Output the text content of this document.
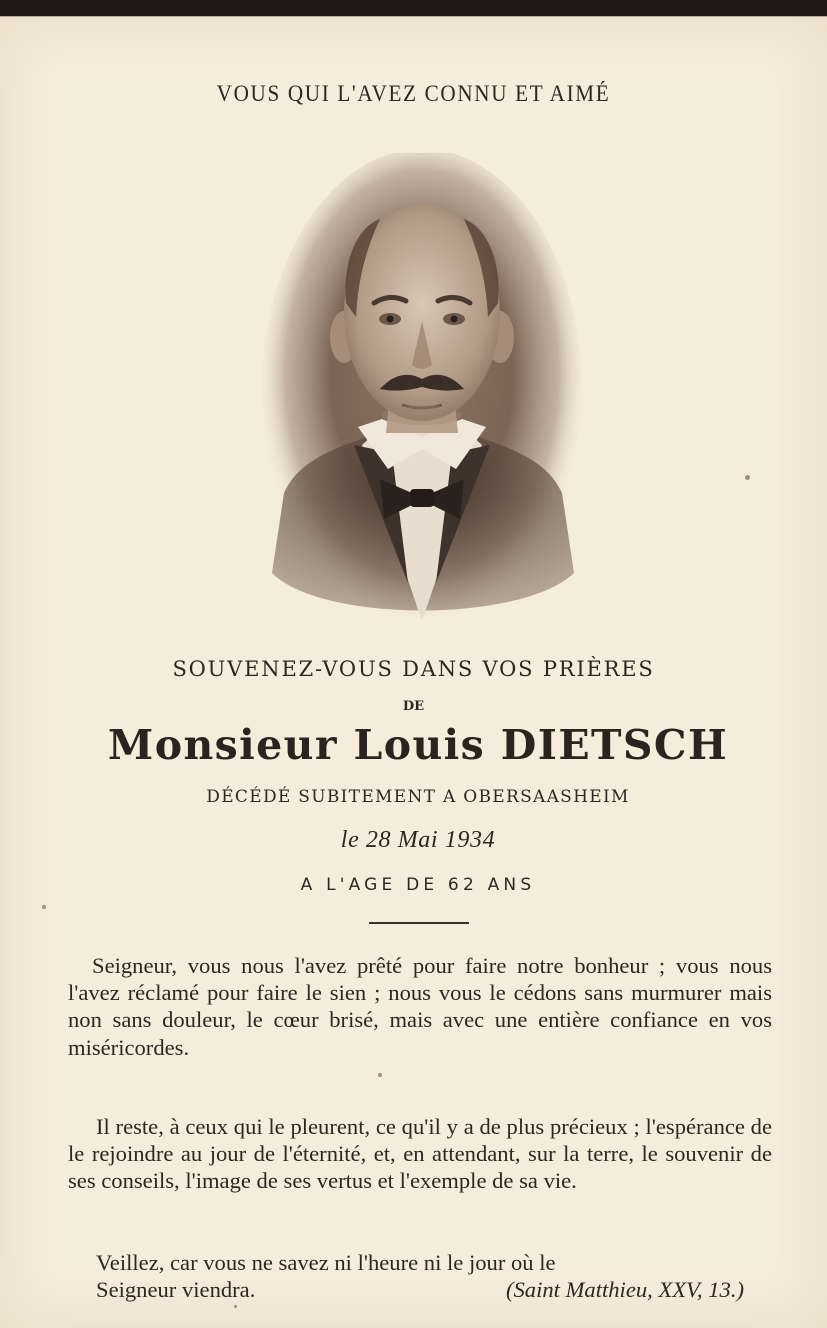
VOUS QUI L'AVEZ CONNU ET AIMÉ
SOUVENEZ-VOUS DANS VOS PRIÈRES
DE
Monsieur Louis DIETSCH
DÉCÉDÉ SUBITEMENT A OBERSAASHEIM
le 28 Mai 1934
A L'AGE DE 62 ANS
Seigneur, vous nous l'avez prêté pour faire notre bonheur ; vous nous l'avez réclamé pour faire le sien ; nous vous le cédons sans murmurer mais non sans douleur, le cœur brisé, mais avec une entière confiance en vos miséricordes.
Il reste, à ceux qui le pleurent, ce qu'il y a de plus précieux ; l'espérance de le rejoindre au jour de l'éternité, et, en attendant, sur la terre, le souvenir de ses conseils, l'image de ses vertus et l'exemple de sa vie.
Veillez, car vous ne savez ni l'heure ni le jour où le
Seigneur viendra.	(Saint Matthieu, XXV, 13.)
